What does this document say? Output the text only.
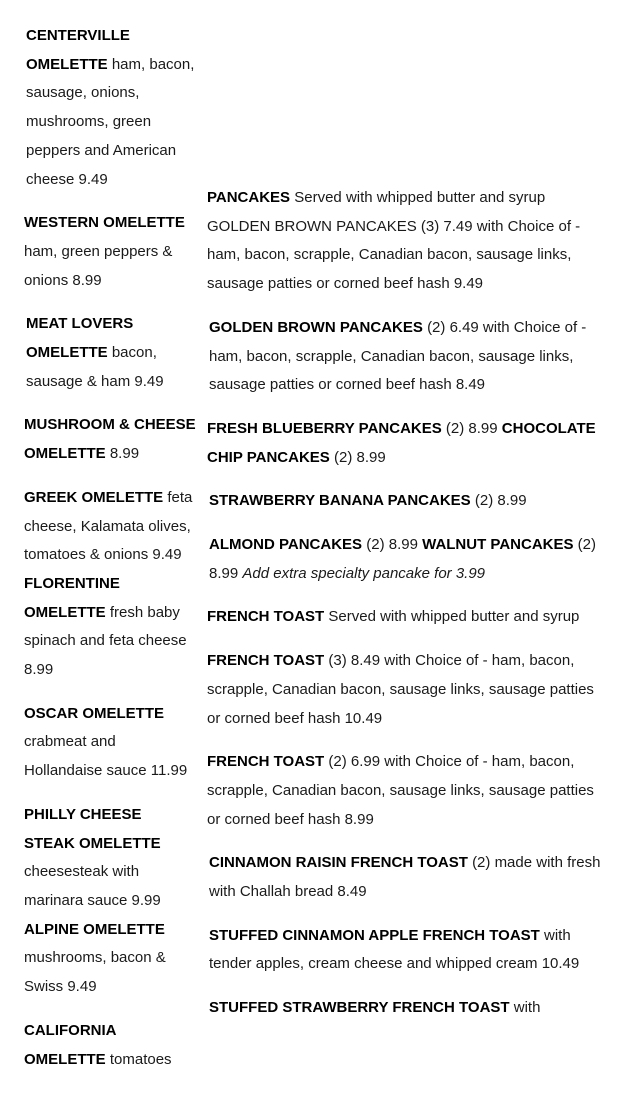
CENTERVILLE OMELETTE ham, bacon, sausage, onions, mushrooms, green peppers and American cheese 9.49

WESTERN OMELETTE ham, green peppers & onions 8.99

MEAT LOVERS OMELETTE bacon, sausage & ham 9.49

MUSHROOM & CHEESE OMELETTE 8.99

GREEK OMELETTE feta cheese, Kalamata olives, tomatoes & onions 9.49

FLORENTINE OMELETTE fresh baby spinach and feta cheese 8.99

OSCAR OMELETTE crabmeat and Hollandaise sauce 11.99

PHILLY CHEESE STEAK OMELETTE cheesesteak with marinara sauce 9.99

ALPINE OMELETTE mushrooms, bacon & Swiss 9.49

CALIFORNIA OMELETTE tomatoes

PANCAKES Served with whipped butter and syrup GOLDEN BROWN PANCAKES (3) 7.49 with Choice of - ham, bacon, scrapple, Canadian bacon, sausage links, sausage patties or corned beef hash 9.49

GOLDEN BROWN PANCAKES (2) 6.49 with Choice of - ham, bacon, scrapple, Canadian bacon, sausage links, sausage patties or corned beef hash 8.49

FRESH BLUEBERRY PANCAKES (2) 8.99 CHOCOLATE CHIP PANCAKES (2) 8.99

STRAWBERRY BANANA PANCAKES (2) 8.99

ALMOND PANCAKES (2) 8.99 WALNUT PANCAKES (2) 8.99 Add extra specialty pancake for 3.99

FRENCH TOAST Served with whipped butter and syrup

FRENCH TOAST (3) 8.49 with Choice of - ham, bacon, scrapple, Canadian bacon, sausage links, sausage patties or corned beef hash 10.49

FRENCH TOAST (2) 6.99 with Choice of - ham, bacon, scrapple, Canadian bacon, sausage links, sausage patties or corned beef hash 8.99

CINNAMON RAISIN FRENCH TOAST (2) made with fresh with Challah bread 8.49

STUFFED CINNAMON APPLE FRENCH TOAST with tender apples, cream cheese and whipped cream 10.49

STUFFED STRAWBERRY FRENCH TOAST with
